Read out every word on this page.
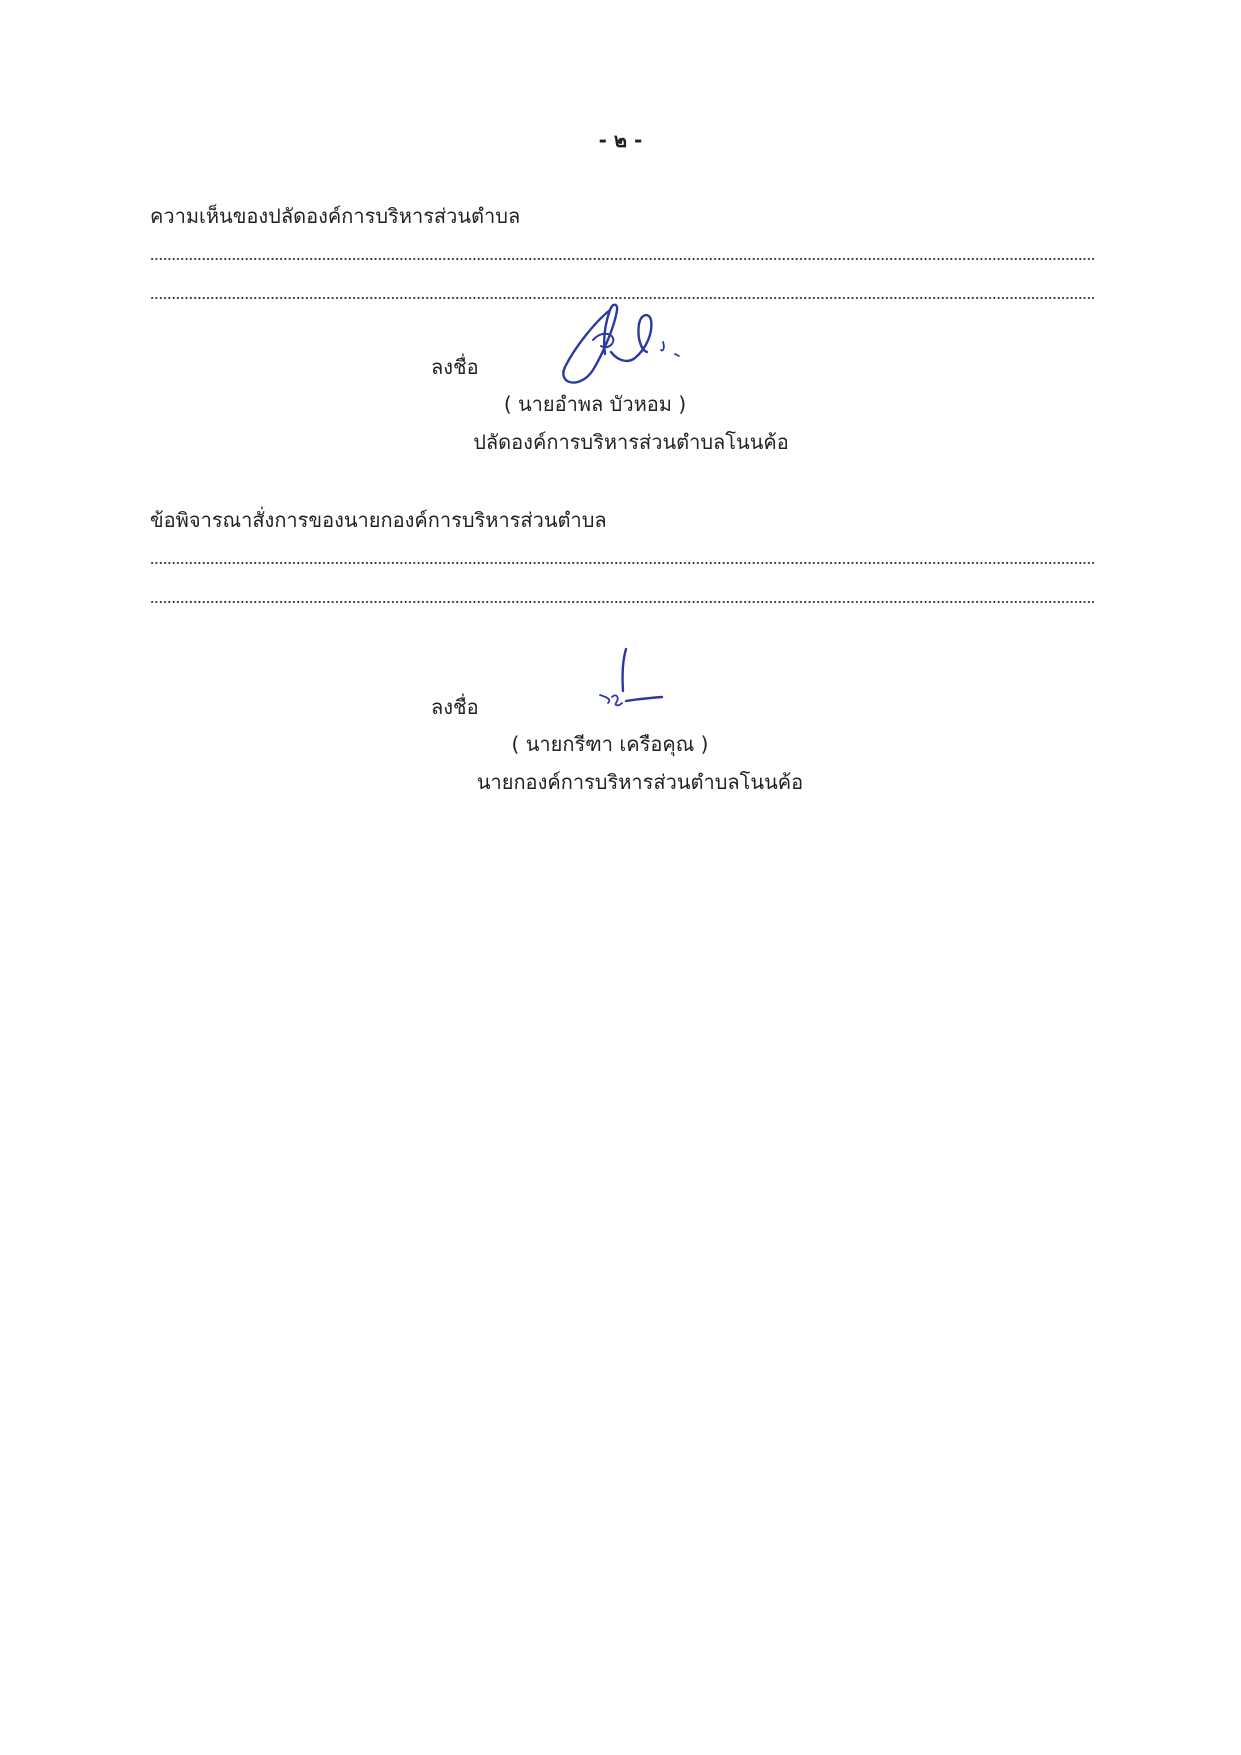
- ๒ -
ความเห็นของปลัดองค์การบริหารส่วนตำบล
ลงชื่อ
( นายอำพล บัวหอม )
ปลัดองค์การบริหารส่วนตำบลโนนค้อ
ข้อพิจารณาสั่งการของนายกองค์การบริหารส่วนตำบล
ลงชื่อ
( นายกรีฑา เครือคุณ )
นายกองค์การบริหารส่วนตำบลโนนค้อ
